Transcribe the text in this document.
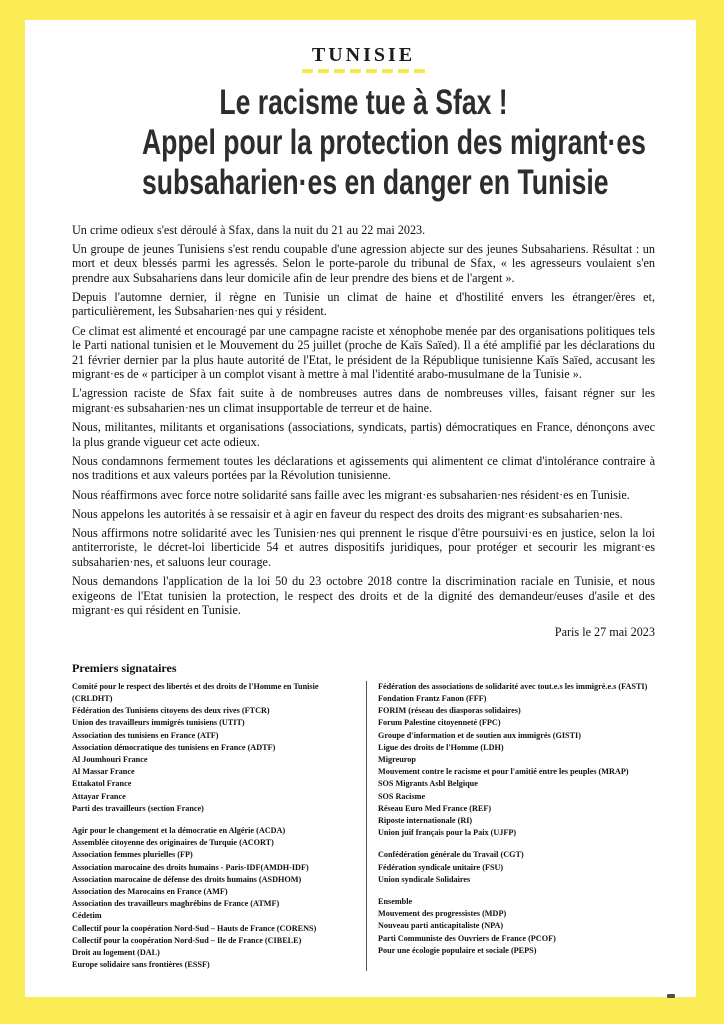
TUNISIE
Le racisme tue à Sfax !
Appel pour la protection des migrant·es
subsaharien·es en danger en Tunisie

Un crime odieux s'est déroulé à Sfax, dans la nuit du 21 au 22 mai 2023.

Un groupe de jeunes Tunisiens s'est rendu coupable d'une agression abjecte sur des jeunes Subsahariens. Résultat : un mort et deux blessés parmi les agressés. Selon le porte-parole du tribunal de Sfax, « les agresseurs voulaient s'en prendre aux Subsahariens dans leur domicile afin de leur prendre des biens et de l'argent ».

Depuis l'automne dernier, il règne en Tunisie un climat de haine et d'hostilité envers les étranger/ères et, particulièrement, les Subsaharien·nes qui y résident.

Ce climat est alimenté et encouragé par une campagne raciste et xénophobe menée par des organisations politiques tels le Parti national tunisien et le Mouvement du 25 juillet (proche de Kaïs Saïed). Il a été amplifié par les déclarations du 21 février dernier par la plus haute autorité de l'Etat, le président de la République tunisienne Kaïs Saïed, accusant les migrant·es de « participer à un complot visant à mettre à mal l'identité arabo-musulmane de la Tunisie ».

L'agression raciste de Sfax fait suite à de nombreuses autres dans de nombreuses villes, faisant régner sur les migrant·es subsaharien·nes un climat insupportable de terreur et de haine.

Nous, militantes, militants et organisations (associations, syndicats, partis) démocratiques en France, dénonçons avec la plus grande vigueur cet acte odieux.

Nous condamnons fermement toutes les déclarations et agissements qui alimentent ce climat d'intolérance contraire à nos traditions et aux valeurs portées par la Révolution tunisienne.

Nous réaffirmons avec force notre solidarité sans faille avec les migrant·es subsaharien·nes résident·es en Tunisie.

Nous appelons les autorités à se ressaisir et à agir en faveur du respect des droits des migrant·es subsaharien·nes.

Nous affirmons notre solidarité avec les Tunisien·nes qui prennent le risque d'être poursuivi·es en justice, selon la loi antiterroriste, le décret-loi liberticide 54 et autres dispositifs juridiques, pour protéger et secourir les migrant·es subsaharien·nes, et saluons leur courage.

Nous demandons l'application de la loi 50 du 23 octobre 2018 contre la discrimination raciale en Tunisie, et nous exigeons de l'Etat tunisien la protection, le respect des droits et de la dignité des demandeur/euses d'asile et des migrant·es qui résident en Tunisie.

Paris le 27 mai 2023
Premiers signataires
Comité pour le respect des libertés et des droits de l'Homme en Tunisie
(CRLDHT)
Fédération des Tunisiens citoyens des deux rives (FTCR)
Union des travailleurs immigrés tunisiens (UTIT)
Association des tunisiens en France (ATF)
Association démocratique des tunisiens en France (ADTF)
Al Joumhouri France
Al Massar France
Ettakatol France
Attayar France
Parti des travailleurs (section France)
Agir pour le changement et la démocratie en Algérie (ACDA)
Assemblée citoyenne des originaires de Turquie (ACORT)
Association femmes plurielles (FP)
Association marocaine des droits humains - Paris-IDF(AMDH-IDF)
Association marocaine de défense des droits humains (ASDHOM)
Association des Marocains en France (AMF)
Association des travailleurs maghrébins de France (ATMF)
Cédetim
Collectif pour la coopération Nord-Sud – Hauts de France (CORENS)
Collectif pour la coopération Nord-Sud – Ile de France (CIBELE)
Droit au logement (DAL)
Europe solidaire sans frontières (ESSF)
Fédération des associations de solidarité avec tout.e.s les immigré.e.s (FASTI)
Fondation Frantz Fanon (FFF)
FORIM (réseau des diasporas solidaires)
Forum Palestine citoyenneté (FPC)
Groupe d'information et de soutien aux immigrés (GISTI)
Ligue des droits de l'Homme (LDH)
Migreurop
Mouvement contre le racisme et pour l'amitié entre les peuples (MRAP)
SOS Migrants Asbl Belgique
SOS Racisme
Réseau Euro Med France (REF)
Riposte internationale (RI)
Union juif français pour la Paix (UJFP)
Confédération générale du Travail (CGT)
Fédération syndicale unitaire (FSU)
Union syndicale Solidaires
Ensemble
Mouvement des progressistes (MDP)
Nouveau parti anticapitaliste (NPA)
Parti Communiste des Ouvriers de France (PCOF)
Pour une écologie populaire et sociale (PEPS)
